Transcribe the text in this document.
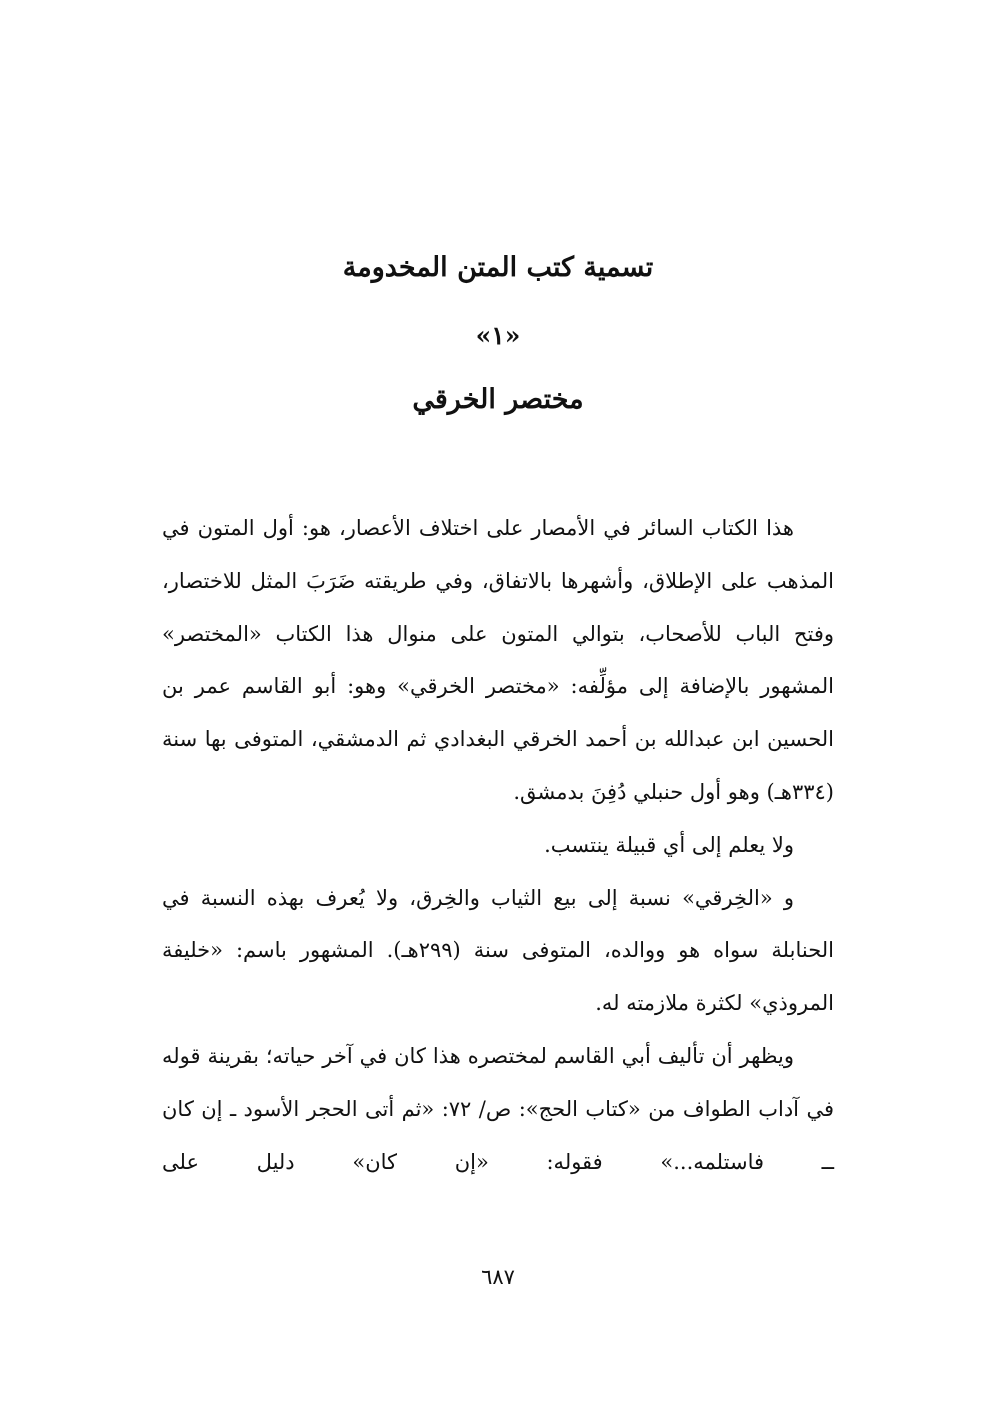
تسمية كتب المتن المخدومة
«١»
مختصر الخرقي

هذا الكتاب السائر في الأمصار على اختلاف الأعصار، هو: أول المتون في المذهب على الإطلاق، وأشهرها بالاتفاق، وفي طريقته ضَرَبَ المثل للاختصار، وفتح الباب للأصحاب، بتوالي المتون على منوال هذا الكتاب «المختصر» المشهور بالإضافة إلى مؤلِّفه: «مختصر الخرقي» وهو: أبو القاسم عمر بن الحسين ابن عبدالله بن أحمد الخرقي البغدادي ثم الدمشقي، المتوفى بها سنة (٣٣٤هـ) وهو أول حنبلي دُفِنَ بدمشق.

ولا يعلم إلى أي قبيلة ينتسب.

و «الخِرقي» نسبة إلى بيع الثياب والخِرق، ولا يُعرف بهذه النسبة في الحنابلة سواه هو ووالده، المتوفى سنة (٢٩٩هـ). المشهور باسم: «خليفة المروذي» لكثرة ملازمته له.

ويظهر أن تأليف أبي القاسم لمختصره هذا كان في آخر حياته؛ بقرينة قوله في آداب الطواف من «كتاب الحج»: ص/ ٧٢: «ثم أتى الحجر الأسود ـ إن كان ــ فاستلمه...» فقوله: «إن كان» دليل على

٦٨٧
